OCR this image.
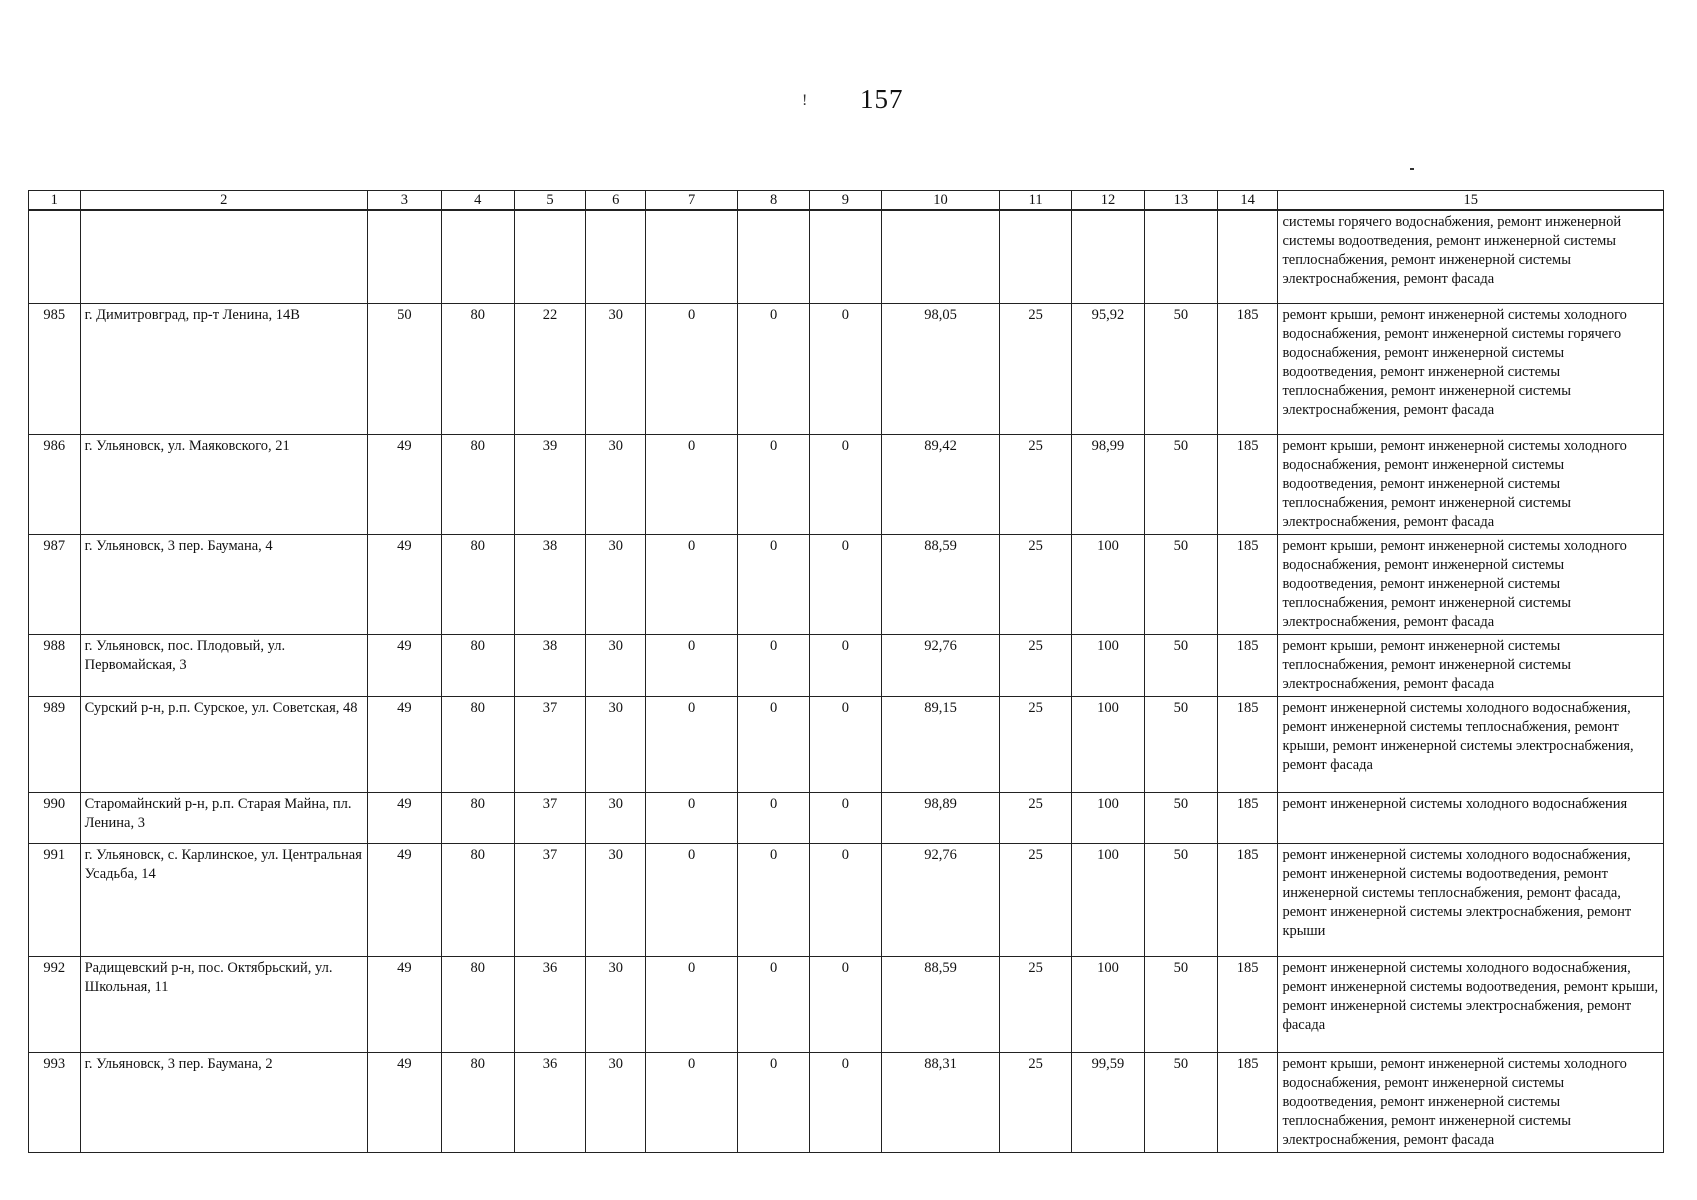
! 157
1	2	3	4	5	6	7	8	9	10	11	12	13	14	15
														системы горячего водоснабжения, ремонт инженерной системы водоотведения, ремонт инженерной системы теплоснабжения, ремонт инженерной системы электроснабжения, ремонт фасада
985	г. Димитровград, пр-т Ленина, 14В	50	80	22	30	0	0	0	98,05	25	95,92	50	185	ремонт крыши, ремонт инженерной системы холодного водоснабжения, ремонт инженерной системы горячего водоснабжения, ремонт инженерной системы водоотведения, ремонт инженерной системы теплоснабжения, ремонт инженерной системы электроснабжения, ремонт фасада
986	г. Ульяновск, ул. Маяковского, 21	49	80	39	30	0	0	0	89,42	25	98,99	50	185	ремонт крыши, ремонт инженерной системы холодного водоснабжения, ремонт инженерной системы водоотведения, ремонт инженерной системы теплоснабжения, ремонт инженерной системы электроснабжения, ремонт фасада
987	г. Ульяновск, 3 пер. Баумана, 4	49	80	38	30	0	0	0	88,59	25	100	50	185	ремонт крыши, ремонт инженерной системы холодного водоснабжения, ремонт инженерной системы водоотведения, ремонт инженерной системы теплоснабжения, ремонт инженерной системы электроснабжения, ремонт фасада
988	г. Ульяновск, пос. Плодовый, ул. Первомайская, 3	49	80	38	30	0	0	0	92,76	25	100	50	185	ремонт крыши, ремонт инженерной системы теплоснабжения, ремонт инженерной системы электроснабжения, ремонт фасада
989	Сурский р-н, р.п. Сурское, ул. Советская, 48	49	80	37	30	0	0	0	89,15	25	100	50	185	ремонт инженерной системы холодного водоснабжения, ремонт инженерной системы теплоснабжения, ремонт крыши, ремонт инженерной системы электроснабжения, ремонт фасада
990	Старомайнский р-н, р.п. Старая Майна, пл. Ленина, 3	49	80	37	30	0	0	0	98,89	25	100	50	185	ремонт инженерной системы холодного водоснабжения
991	г. Ульяновск, с. Карлинское, ул. Центральная Усадьба, 14	49	80	37	30	0	0	0	92,76	25	100	50	185	ремонт инженерной системы холодного водоснабжения, ремонт инженерной системы водоотведения, ремонт инженерной системы теплоснабжения, ремонт фасада, ремонт инженерной системы электроснабжения, ремонт крыши
992	Радищевский р-н, пос. Октябрьский, ул. Школьная, 11	49	80	36	30	0	0	0	88,59	25	100	50	185	ремонт инженерной системы холодного водоснабжения, ремонт инженерной системы водоотведения, ремонт крыши, ремонт инженерной системы электроснабжения, ремонт фасада
993	г. Ульяновск, 3 пер. Баумана, 2	49	80	36	30	0	0	0	88,31	25	99,59	50	185	ремонт крыши, ремонт инженерной системы холодного водоснабжения, ремонт инженерной системы водоотведения, ремонт инженерной системы теплоснабжения, ремонт инженерной системы электроснабжения, ремонт фасада
